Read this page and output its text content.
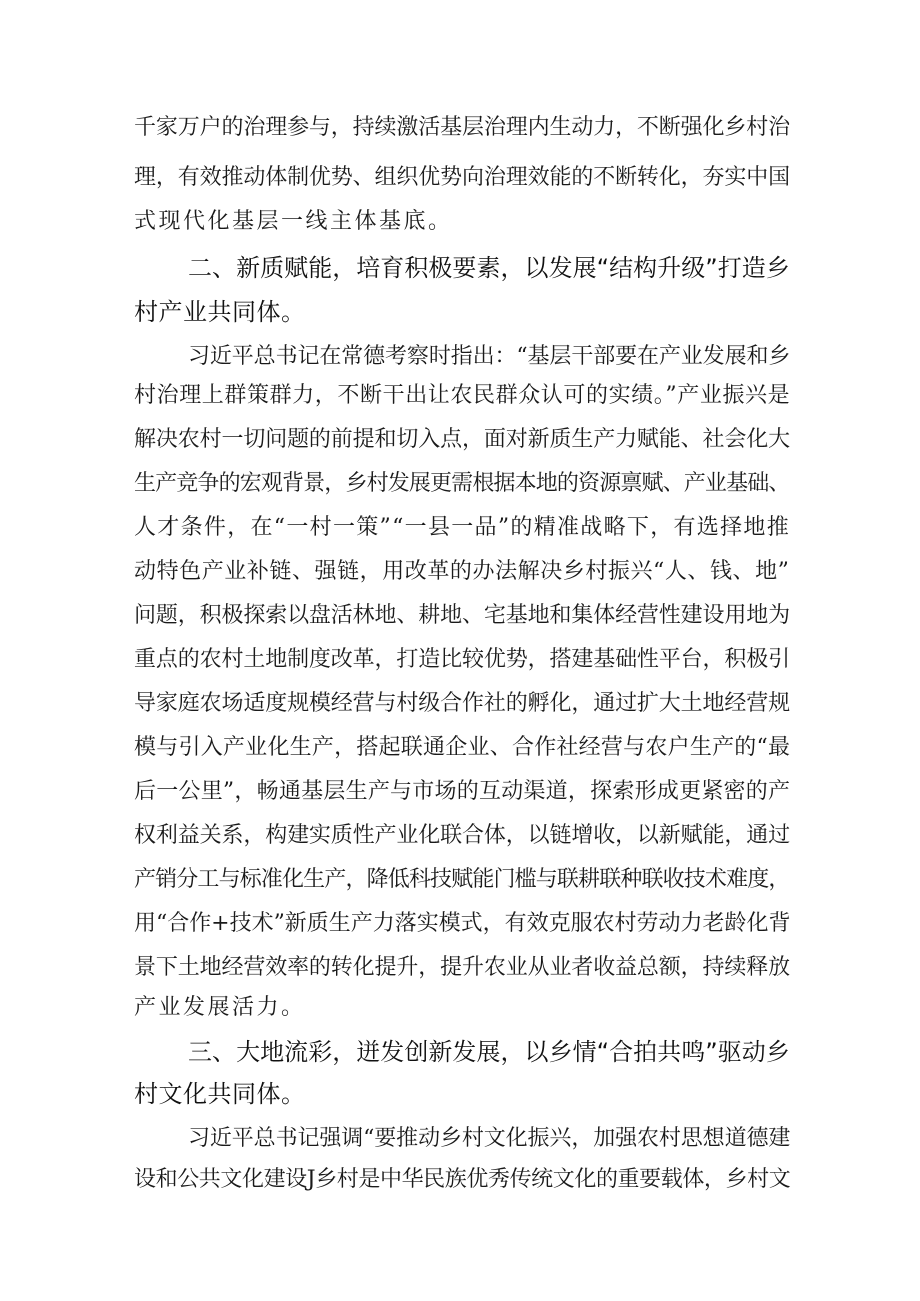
千家万户的治理参与，持续激活基层治理内生动力，不断强化乡村治
理，有效推动体制优势、组织优势向治理效能的不断转化，夯实中国
式现代化基层一线主体基底。
二、新质赋能，培育积极要素，以发展“结构升级”打造乡
村产业共同体。
习近平总书记在常德考察时指出：“基层干部要在产业发展和乡
村治理上群策群力，不断干出让农民群众认可的实绩。”产业振兴是
解决农村一切问题的前提和切入点，面对新质生产力赋能、社会化大
生产竞争的宏观背景，乡村发展更需根据本地的资源禀赋、产业基础、
人才条件，在“一村一策”“一县一品”的精准战略下，有选择地推
动特色产业补链、强链，用改革的办法解决乡村振兴“人、钱、地”
问题，积极探索以盘活林地、耕地、宅基地和集体经营性建设用地为
重点的农村土地制度改革，打造比较优势，搭建基础性平台，积极引
导家庭农场适度规模经营与村级合作社的孵化，通过扩大土地经营规
模与引入产业化生产，搭起联通企业、合作社经营与农户生产的“最
后一公里”，畅通基层生产与市场的互动渠道，探索形成更紧密的产
权利益关系，构建实质性产业化联合体，以链增收，以新赋能，通过
产销分工与标准化生产，降低科技赋能门槛与联耕联种联收技术难度，
用“合作+技术”新质生产力落实模式，有效克服农村劳动力老龄化背
景下土地经营效率的转化提升，提升农业从业者收益总额，持续释放
产业发展活力。
三、大地流彩，迸发创新发展，以乡情“合拍共鸣”驱动乡
村文化共同体。
习近平总书记强调“要推动乡村文化振兴，加强农村思想道德建
设和公共文化建设J乡村是中华民族优秀传统文化的重要载体，乡村文
